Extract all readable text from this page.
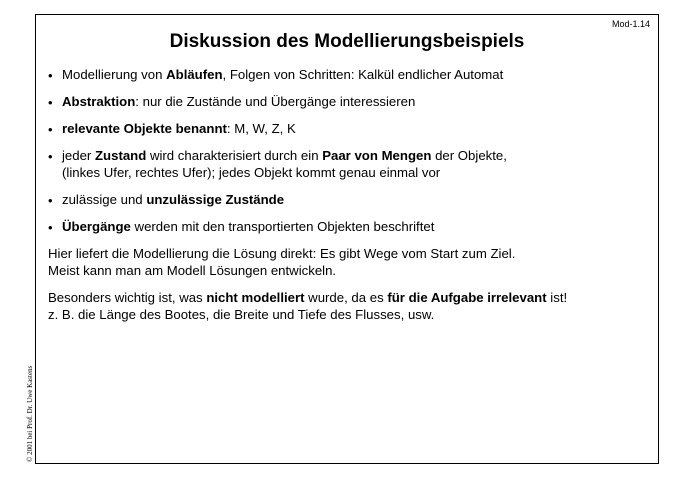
Mod-1.14
Diskussion des Modellierungsbeispiels
• Modellierung von Abläufen, Folgen von Schritten: Kalkül endlicher Automat
• Abstraktion: nur die Zustände und Übergänge interessieren
• relevante Objekte benannt: M, W, Z, K
• jeder Zustand wird charakterisiert durch ein Paar von Mengen der Objekte,
(linkes Ufer, rechtes Ufer); jedes Objekt kommt genau einmal vor
• zulässige und unzulässige Zustände
• Übergänge werden mit den transportierten Objekten beschriftet
Hier liefert die Modellierung die Lösung direkt: Es gibt Wege vom Start zum Ziel.
Meist kann man am Modell Lösungen entwickeln.
Besonders wichtig ist, was nicht modelliert wurde, da es für die Aufgabe irrelevant ist!
z. B. die Länge des Bootes, die Breite und Tiefe des Flusses, usw.
© 2001 bei Prof. Dr. Uwe Kastens
